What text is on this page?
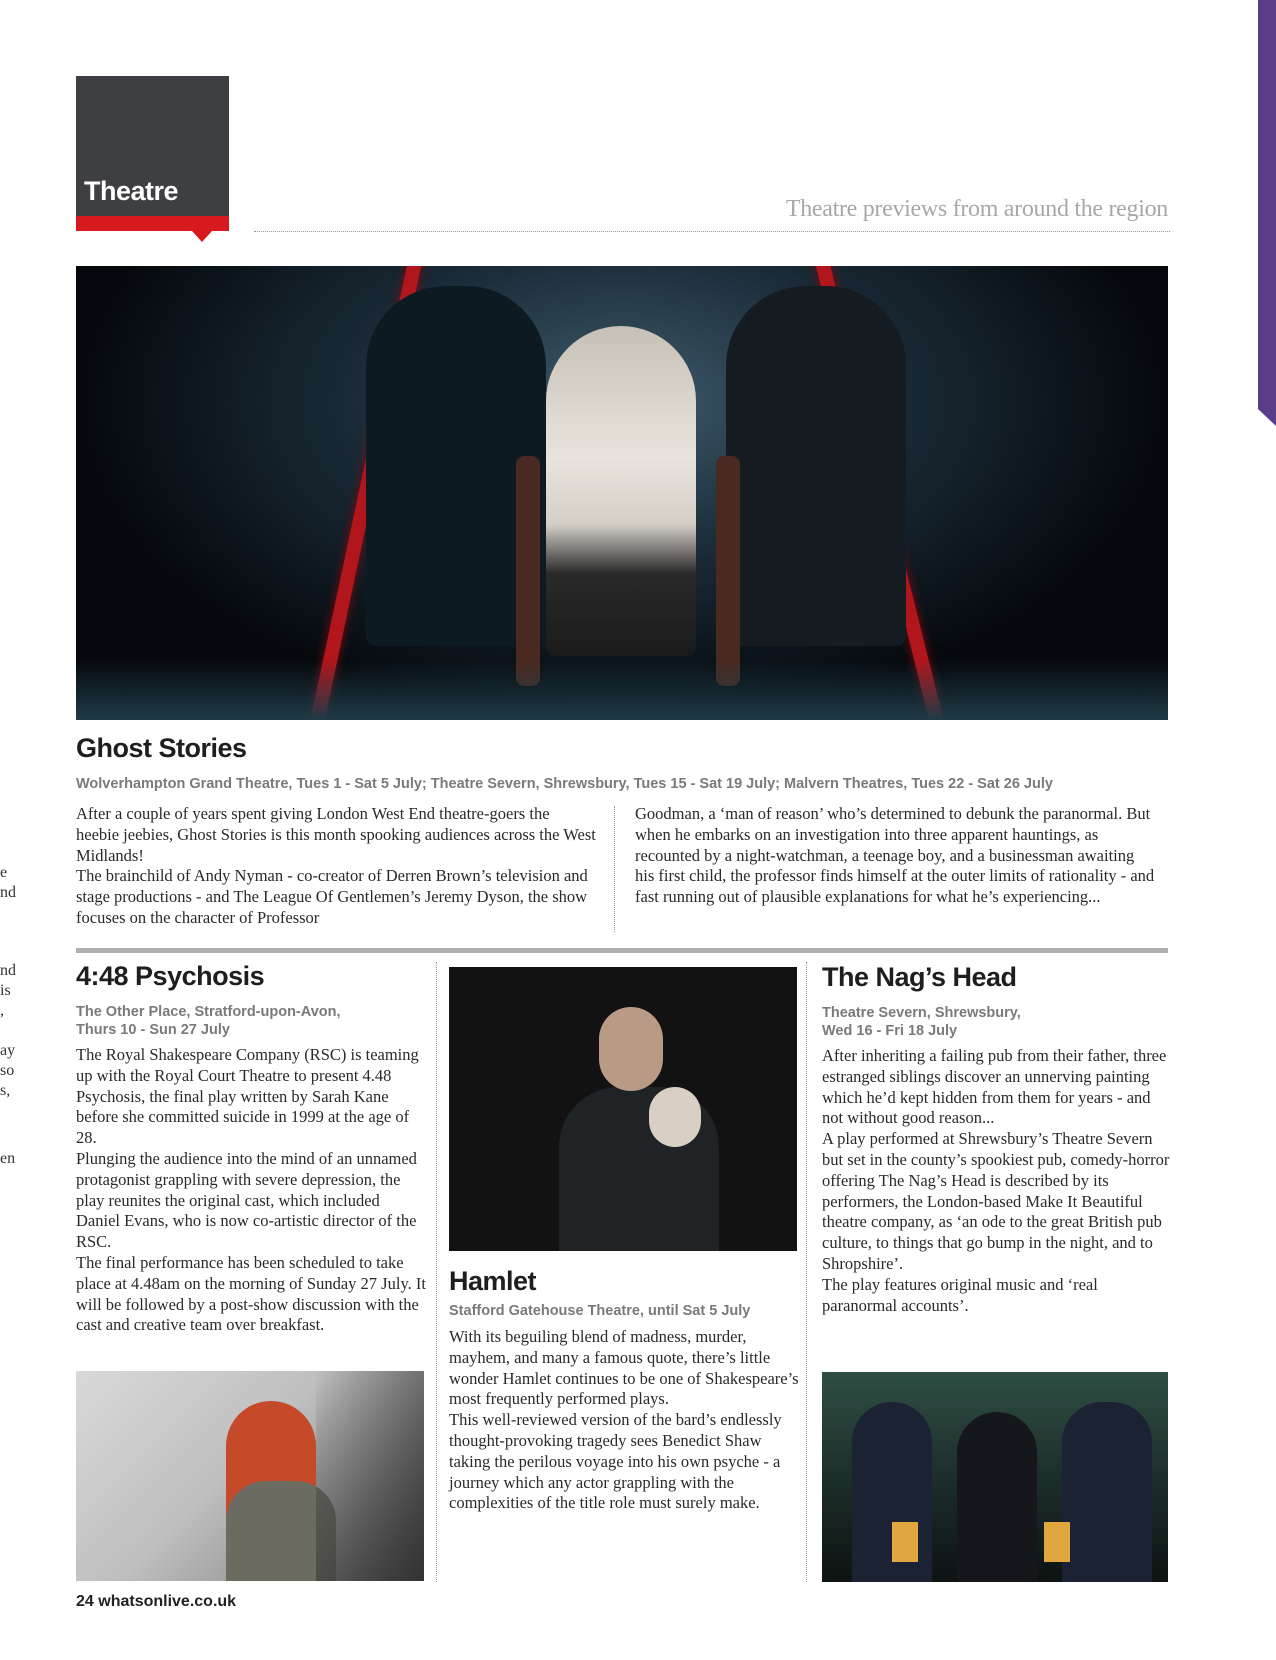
e
nd
nd
is
,
ay
so
s,
en
Theatre
Theatre previews from around the region
Ghost Stories
Wolverhampton Grand Theatre, Tues 1 - Sat 5 July; Theatre Severn, Shrewsbury, Tues 15 - Sat 19 July; Malvern Theatres, Tues 22 - Sat 26 July
After a couple of years spent giving London West End theatre-goers the heebie jeebies, Ghost Stories is this month spooking audiences across the West Midlands!
The brainchild of Andy Nyman - co-creator of Derren Brown’s television and stage productions - and The League Of Gentlemen’s Jeremy Dyson, the show focuses on the character of Professor
Goodman, a ‘man of reason’ who’s determined to debunk the paranormal. But when he embarks on an investigation into three apparent hauntings, as recounted by a night-watchman, a teenage boy, and a businessman awaiting his first child, the professor finds himself at the outer limits of rationality - and fast running out of plausible explanations for what he’s experiencing...
4:48 Psychosis
The Other Place, Stratford-upon-Avon,
Thurs 10 - Sun 27 July
The Royal Shakespeare Company (RSC) is teaming up with the Royal Court Theatre to present 4.48 Psychosis, the final play written by Sarah Kane before she committed suicide in 1999 at the age of 28.
Plunging the audience into the mind of an unnamed protagonist grappling with severe depression, the play reunites the original cast, which included Daniel Evans, who is now co-artistic director of the RSC.
The final performance has been scheduled to take place at 4.48am on the morning of Sunday 27 July. It will be followed by a post-show discussion with the cast and creative team over breakfast.
Hamlet
Stafford Gatehouse Theatre, until Sat 5 July
With its beguiling blend of madness, murder, mayhem, and many a famous quote, there’s little wonder Hamlet continues to be one of Shakespeare’s most frequently performed plays.
This well-reviewed version of the bard’s endlessly thought-provoking tragedy sees Benedict Shaw taking the perilous voyage into his own psyche - a journey which any actor grappling with the complexities of the title role must surely make.
The Nag’s Head
Theatre Severn, Shrewsbury,
Wed 16 - Fri 18 July
After inheriting a failing pub from their father, three estranged siblings discover an unnerving painting which he’d kept hidden from them for years - and not without good reason...
A play performed at Shrewsbury’s Theatre Severn but set in the county’s spookiest pub, comedy-horror offering The Nag’s Head is described by its performers, the London-based Make It Beautiful theatre company, as ‘an ode to the great British pub culture, to things that go bump in the night, and to Shropshire’.
The play features original music and ‘real paranormal accounts’.
24 whatsonlive.co.uk
